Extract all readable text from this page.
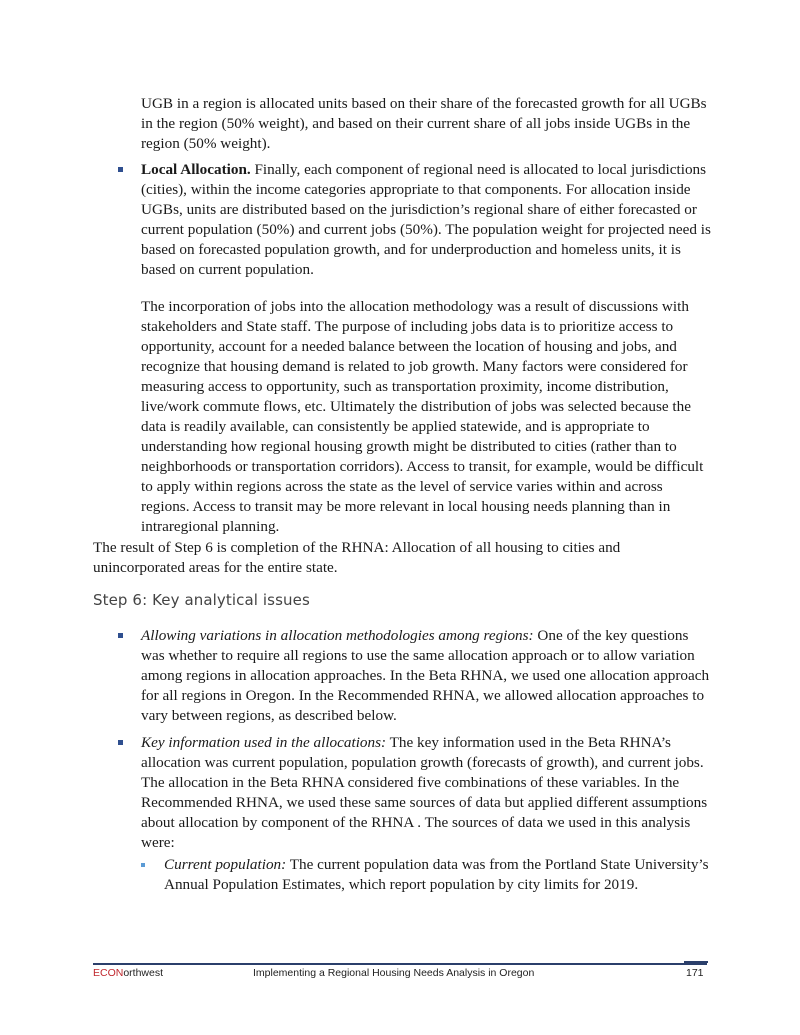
UGB in a region is allocated units based on their share of the forecasted growth for all UGBs in the region (50% weight), and based on their current share of all jobs inside UGBs in the region (50% weight).

Local Allocation. Finally, each component of regional need is allocated to local jurisdictions (cities), within the income categories appropriate to that components. For allocation inside UGBs, units are distributed based on the jurisdiction’s regional share of either forecasted or current population (50%) and current jobs (50%). The population weight for projected need is based on forecasted population growth, and for underproduction and homeless units, it is based on current population.

The incorporation of jobs into the allocation methodology was a result of discussions with stakeholders and State staff. The purpose of including jobs data is to prioritize access to opportunity, account for a needed balance between the location of housing and jobs, and recognize that housing demand is related to job growth. Many factors were considered for measuring access to opportunity, such as transportation proximity, income distribution, live/work commute flows, etc. Ultimately the distribution of jobs was selected because the data is readily available, can consistently be applied statewide, and is appropriate to understanding how regional housing growth might be distributed to cities (rather than to neighborhoods or transportation corridors). Access to transit, for example, would be difficult to apply within regions across the state as the level of service varies within and across regions. Access to transit may be more relevant in local housing needs planning than in intraregional planning.

The result of Step 6 is completion of the RHNA: Allocation of all housing to cities and unincorporated areas for the entire state.

Step 6: Key analytical issues

Allowing variations in allocation methodologies among regions: One of the key questions was whether to require all regions to use the same allocation approach or to allow variation among regions in allocation approaches. In the Beta RHNA, we used one allocation approach for all regions in Oregon. In the Recommended RHNA, we allowed allocation approaches to vary between regions, as described below.

Key information used in the allocations: The key information used in the Beta RHNA’s allocation was current population, population growth (forecasts of growth), and current jobs. The allocation in the Beta RHNA considered five combinations of these variables. In the Recommended RHNA, we used these same sources of data but applied different assumptions about allocation by component of the RHNA . The sources of data we used in this analysis were:

Current population: The current population data was from the Portland State University’s Annual Population Estimates, which report population by city limits for 2019.

ECONorthwest	Implementing a Regional Housing Needs Analysis in Oregon	171
